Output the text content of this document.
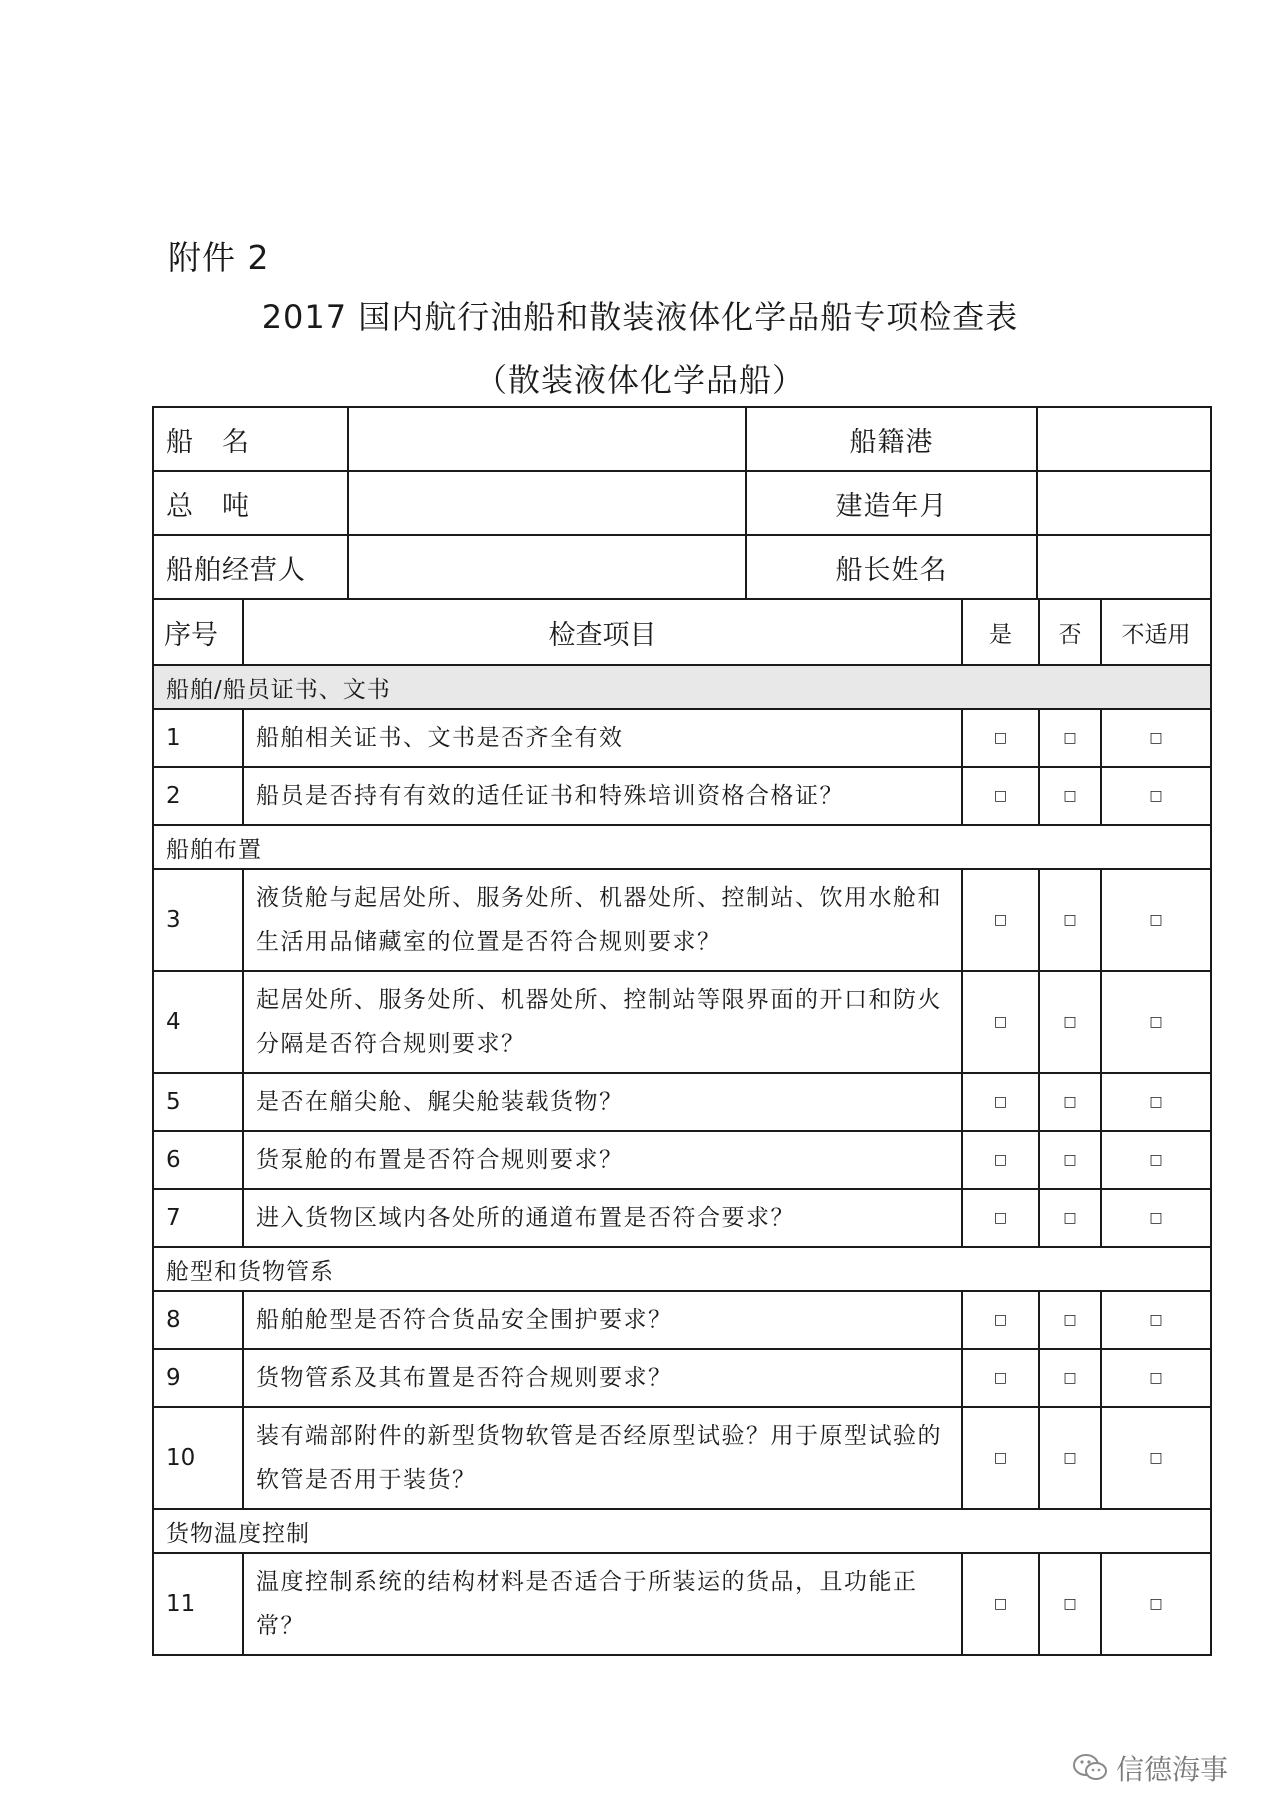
附件 2
2017 国内航行油船和散装液体化学品船专项检查表
（散装液体化学品船）
船　名		船籍港	
总　吨		建造年月	
船舶经营人		船长姓名	
序号	检查项目	是	否	不适用
船舶/船员证书、文书				
1	船舶相关证书、文书是否齐全有效	□	□	□
2	船员是否持有有效的适任证书和特殊培训资格合格证？	□	□	□
船舶布置				
3	液货舱与起居处所、服务处所、机器处所、控制站、饮用水舱和生活用品储藏室的位置是否符合规则要求？	□	□	□
4	起居处所、服务处所、机器处所、控制站等限界面的开口和防火分隔是否符合规则要求？	□	□	□
5	是否在艏尖舱、艉尖舱装载货物？	□	□	□
6	货泵舱的布置是否符合规则要求？	□	□	□
7	进入货物区域内各处所的通道布置是否符合要求？	□	□	□
舱型和货物管系				
8	船舶舱型是否符合货品安全围护要求？	□	□	□
9	货物管系及其布置是否符合规则要求？	□	□	□
10	装有端部附件的新型货物软管是否经原型试验？用于原型试验的软管是否用于装货？	□	□	□
货物温度控制				
11	温度控制系统的结构材料是否适合于所装运的货品，且功能正常？	□	□	□
信德海事
